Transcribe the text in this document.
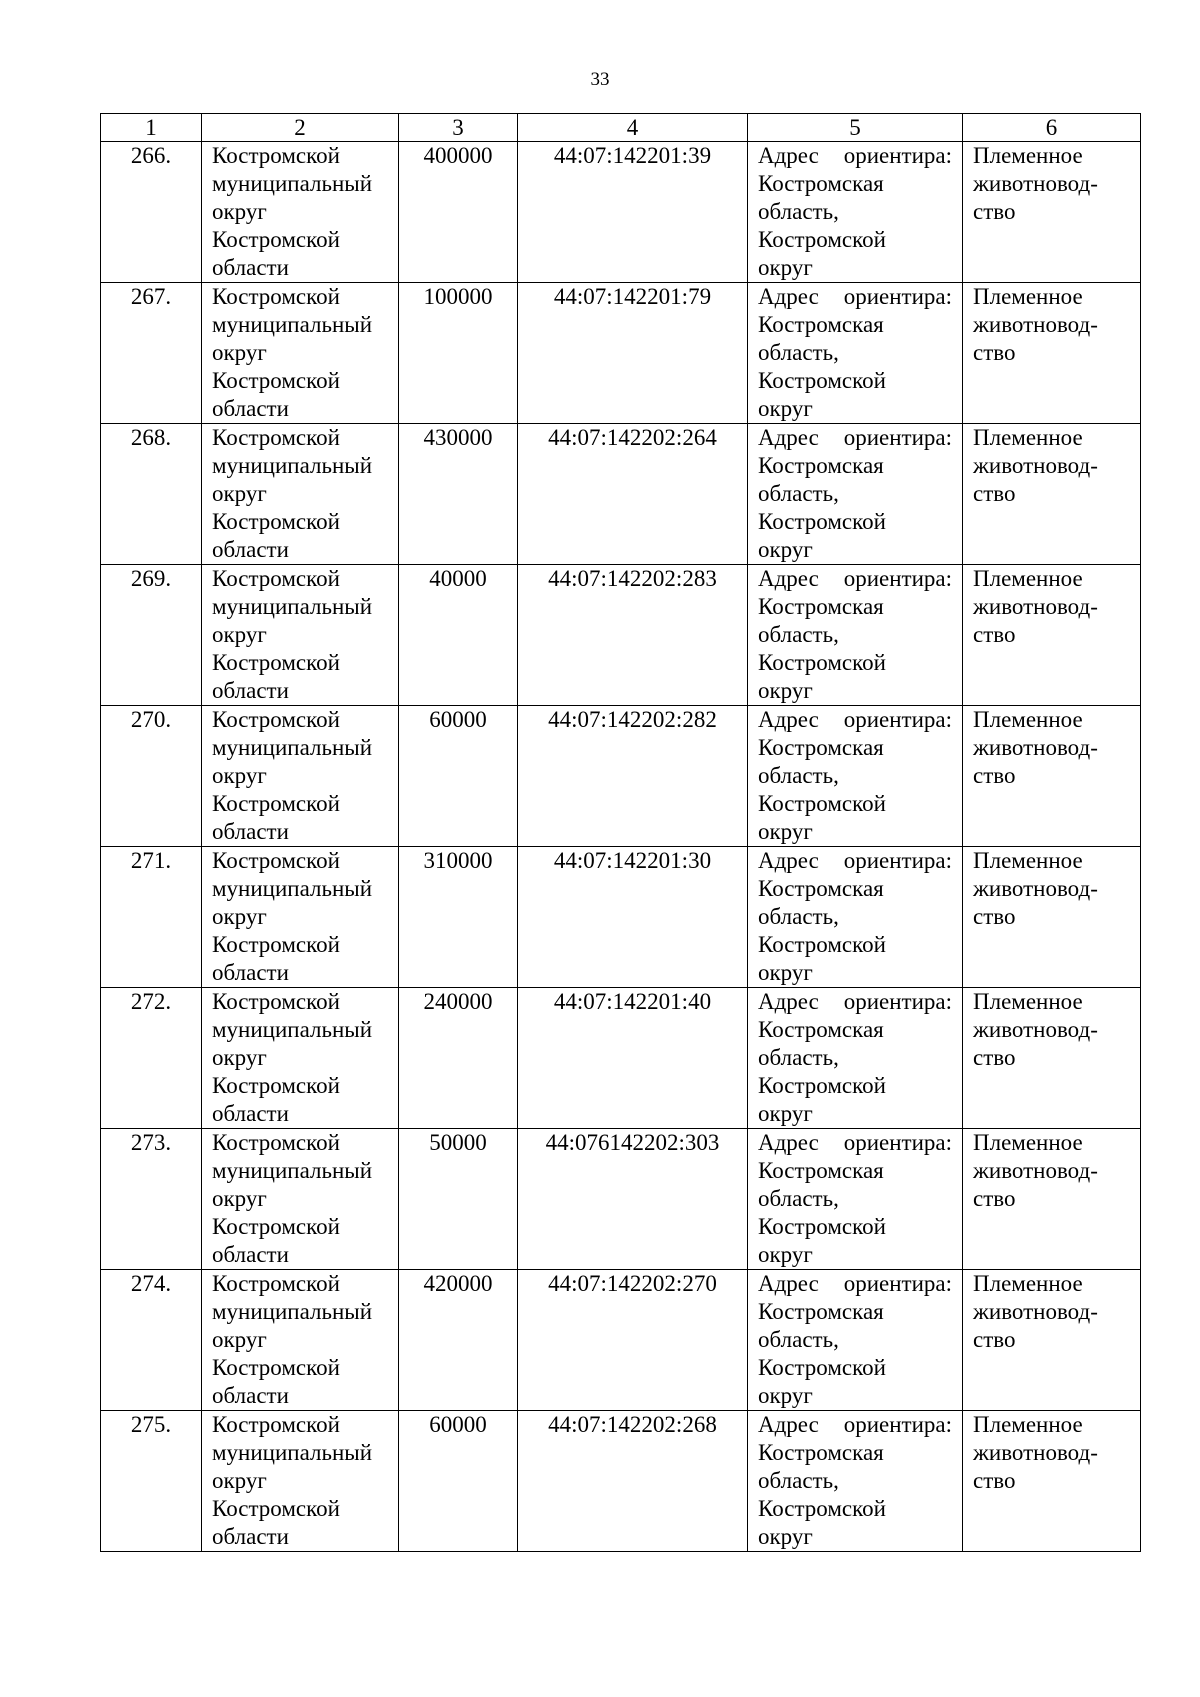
33
1	2	3	4	5	6
266.	Костромской
муниципальный
округ
Костромской
области	400000	44:07:142201:39	Адрес ориентира:
Костромская
область,
Костромской
округ	Племенное
животновод-
ство

267.	Костромской
муниципальный
округ
Костромской
области	100000	44:07:142201:79	Адрес ориентира:
Костромская
область,
Костромской
округ	Племенное
животновод-
ство

268.	Костромской
муниципальный
округ
Костромской
области	430000	44:07:142202:264	Адрес ориентира:
Костромская
область,
Костромской
округ	Племенное
животновод-
ство

269.	Костромской
муниципальный
округ
Костромской
области	40000	44:07:142202:283	Адрес ориентира:
Костромская
область,
Костромской
округ	Племенное
животновод-
ство

270.	Костромской
муниципальный
округ
Костромской
области	60000	44:07:142202:282	Адрес ориентира:
Костромская
область,
Костромской
округ	Племенное
животновод-
ство

271.	Костромской
муниципальный
округ
Костромской
области	310000	44:07:142201:30	Адрес ориентира:
Костромская
область,
Костромской
округ	Племенное
животновод-
ство

272.	Костромской
муниципальный
округ
Костромской
области	240000	44:07:142201:40	Адрес ориентира:
Костромская
область,
Костромской
округ	Племенное
животновод-
ство

273.	Костромской
муниципальный
округ
Костромской
области	50000	44:076142202:303	Адрес ориентира:
Костромская
область,
Костромской
округ	Племенное
животновод-
ство

274.	Костромской
муниципальный
округ
Костромской
области	420000	44:07:142202:270	Адрес ориентира:
Костромская
область,
Костромской
округ	Племенное
животновод-
ство

275.	Костромской
муниципальный
округ
Костромской
области	60000	44:07:142202:268	Адрес ориентира:
Костромская
область,
Костромской
округ	Племенное
животновод-
ство
